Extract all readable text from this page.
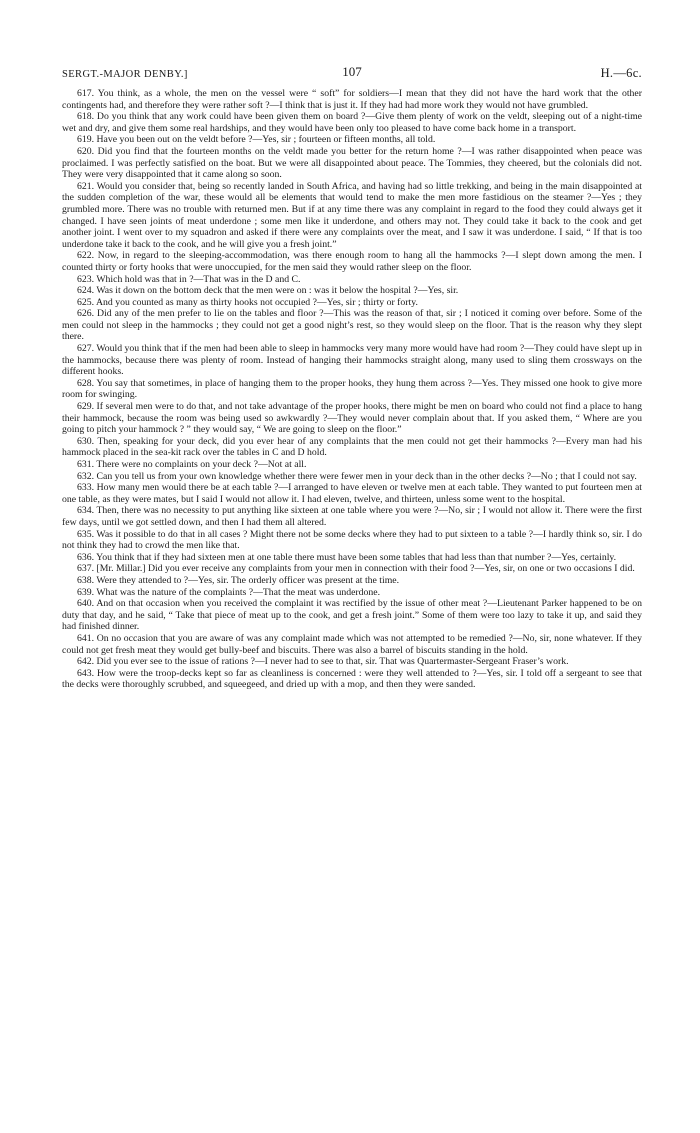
SERGT.-MAJOR DENBY.]	107	H.—6c.

617. You think, as a whole, the men on the vessel were “ soft” for soldiers—I mean that they did not have the hard work that the other contingents had, and therefore they were rather soft ?—I think that is just it. If they had had more work they would not have grumbled.

618. Do you think that any work could have been given them on board ?—Give them plenty of work on the veldt, sleeping out of a night-time wet and dry, and give them some real hardships, and they would have been only too pleased to have come back home in a transport.

619. Have you been out on the veldt before ?—Yes, sir ; fourteen or fifteen months, all told.

620. Did you find that the fourteen months on the veldt made you better for the return home ?—I was rather disappointed when peace was proclaimed. I was perfectly satisfied on the boat. But we were all disappointed about peace. The Tommies, they cheered, but the colonials did not. They were very disappointed that it came along so soon.

621. Would you consider that, being so recently landed in South Africa, and having had so little trekking, and being in the main disappointed at the sudden completion of the war, these would all be elements that would tend to make the men more fastidious on the steamer ?—Yes ; they grumbled more. There was no trouble with returned men. But if at any time there was any complaint in regard to the food they could always get it changed. I have seen joints of meat underdone ; some men like it underdone, and others may not. They could take it back to the cook and get another joint. I went over to my squadron and asked if there were any complaints over the meat, and I saw it was underdone. I said, “ If that is too underdone take it back to the cook, and he will give you a fresh joint.”

622. Now, in regard to the sleeping-accommodation, was there enough room to hang all the hammocks ?—I slept down among the men. I counted thirty or forty hooks that were unoccupied, for the men said they would rather sleep on the floor.

623. Which hold was that in ?—That was in the D and C.

624. Was it down on the bottom deck that the men were on : was it below the hospital ?—Yes, sir.

625. And you counted as many as thirty hooks not occupied ?—Yes, sir ; thirty or forty.

626. Did any of the men prefer to lie on the tables and floor ?—This was the reason of that, sir ; I noticed it coming over before. Some of the men could not sleep in the hammocks ; they could not get a good night’s rest, so they would sleep on the floor. That is the reason why they slept there.

627. Would you think that if the men had been able to sleep in hammocks very many more would have had room ?—They could have slept up in the hammocks, because there was plenty of room. Instead of hanging their hammocks straight along, many used to sling them crossways on the different hooks.

628. You say that sometimes, in place of hanging them to the proper hooks, they hung them across ?—Yes. They missed one hook to give more room for swinging.

629. If several men were to do that, and not take advantage of the proper hooks, there might be men on board who could not find a place to hang their hammock, because the room was being used so awkwardly ?—They would never complain about that. If you asked them, “ Where are you going to pitch your hammock ? ” they would say, “ We are going to sleep on the floor.”

630. Then, speaking for your deck, did you ever hear of any complaints that the men could not get their hammocks ?—Every man had his hammock placed in the sea-kit rack over the tables in C and D hold.

631. There were no complaints on your deck ?—Not at all.

632. Can you tell us from your own knowledge whether there were fewer men in your deck than in the other decks ?—No ; that I could not say.

633. How many men would there be at each table ?—I arranged to have eleven or twelve men at each table. They wanted to put fourteen men at one table, as they were mates, but I said I would not allow it. I had eleven, twelve, and thirteen, unless some went to the hospital.

634. Then, there was no necessity to put anything like sixteen at one table where you were ?—No, sir ; I would not allow it. There were the first few days, until we got settled down, and then I had them all altered.

635. Was it possible to do that in all cases ? Might there not be some decks where they had to put sixteen to a table ?—I hardly think so, sir. I do not think they had to crowd the men like that.

636. You think that if they had sixteen men at one table there must have been some tables that had less than that number ?—Yes, certainly.

637. [Mr. Millar.] Did you ever receive any complaints from your men in connection with their food ?—Yes, sir, on one or two occasions I did.

638. Were they attended to ?—Yes, sir. The orderly officer was present at the time.

639. What was the nature of the complaints ?—That the meat was underdone.

640. And on that occasion when you received the complaint it was rectified by the issue of other meat ?—Lieutenant Parker happened to be on duty that day, and he said, “ Take that piece of meat up to the cook, and get a fresh joint.” Some of them were too lazy to take it up, and said they had finished dinner.

641. On no occasion that you are aware of was any complaint made which was not attempted to be remedied ?—No, sir, none whatever. If they could not get fresh meat they would get bully-beef and biscuits. There was also a barrel of biscuits standing in the hold.

642. Did you ever see to the issue of rations ?—I never had to see to that, sir. That was Quartermaster-Sergeant Fraser’s work.

643. How were the troop-decks kept so far as cleanliness is concerned : were they well attended to ?—Yes, sir. I told off a sergeant to see that the decks were thoroughly scrubbed, and squeegeed, and dried up with a mop, and then they were sanded.
